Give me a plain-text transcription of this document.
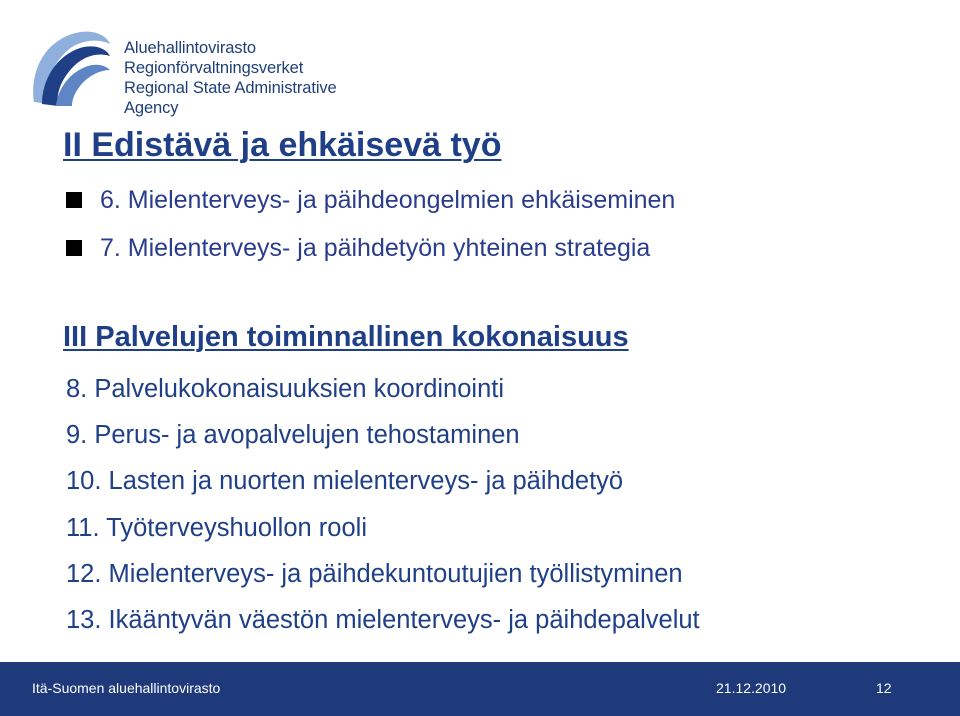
Aluehallintovirasto
Regionförvaltningsverket
Regional State Administrative Agency
II Edistävä ja ehkäisevä työ
6. Mielenterveys- ja päihdeongelmien ehkäiseminen
7. Mielenterveys- ja päihdetyön yhteinen strategia
III Palvelujen toiminnallinen kokonaisuus
8. Palvelukokonaisuuksien koordinointi
9. Perus- ja avopalvelujen tehostaminen
10. Lasten ja nuorten mielenterveys- ja päihdetyö
11. Työterveyshuollon rooli
12. Mielenterveys- ja päihdekuntoutujien työllistyminen
13. Ikääntyvän väestön mielenterveys- ja päihdepalvelut
Itä-Suomen aluehallintovirasto	21.12.2010	12
